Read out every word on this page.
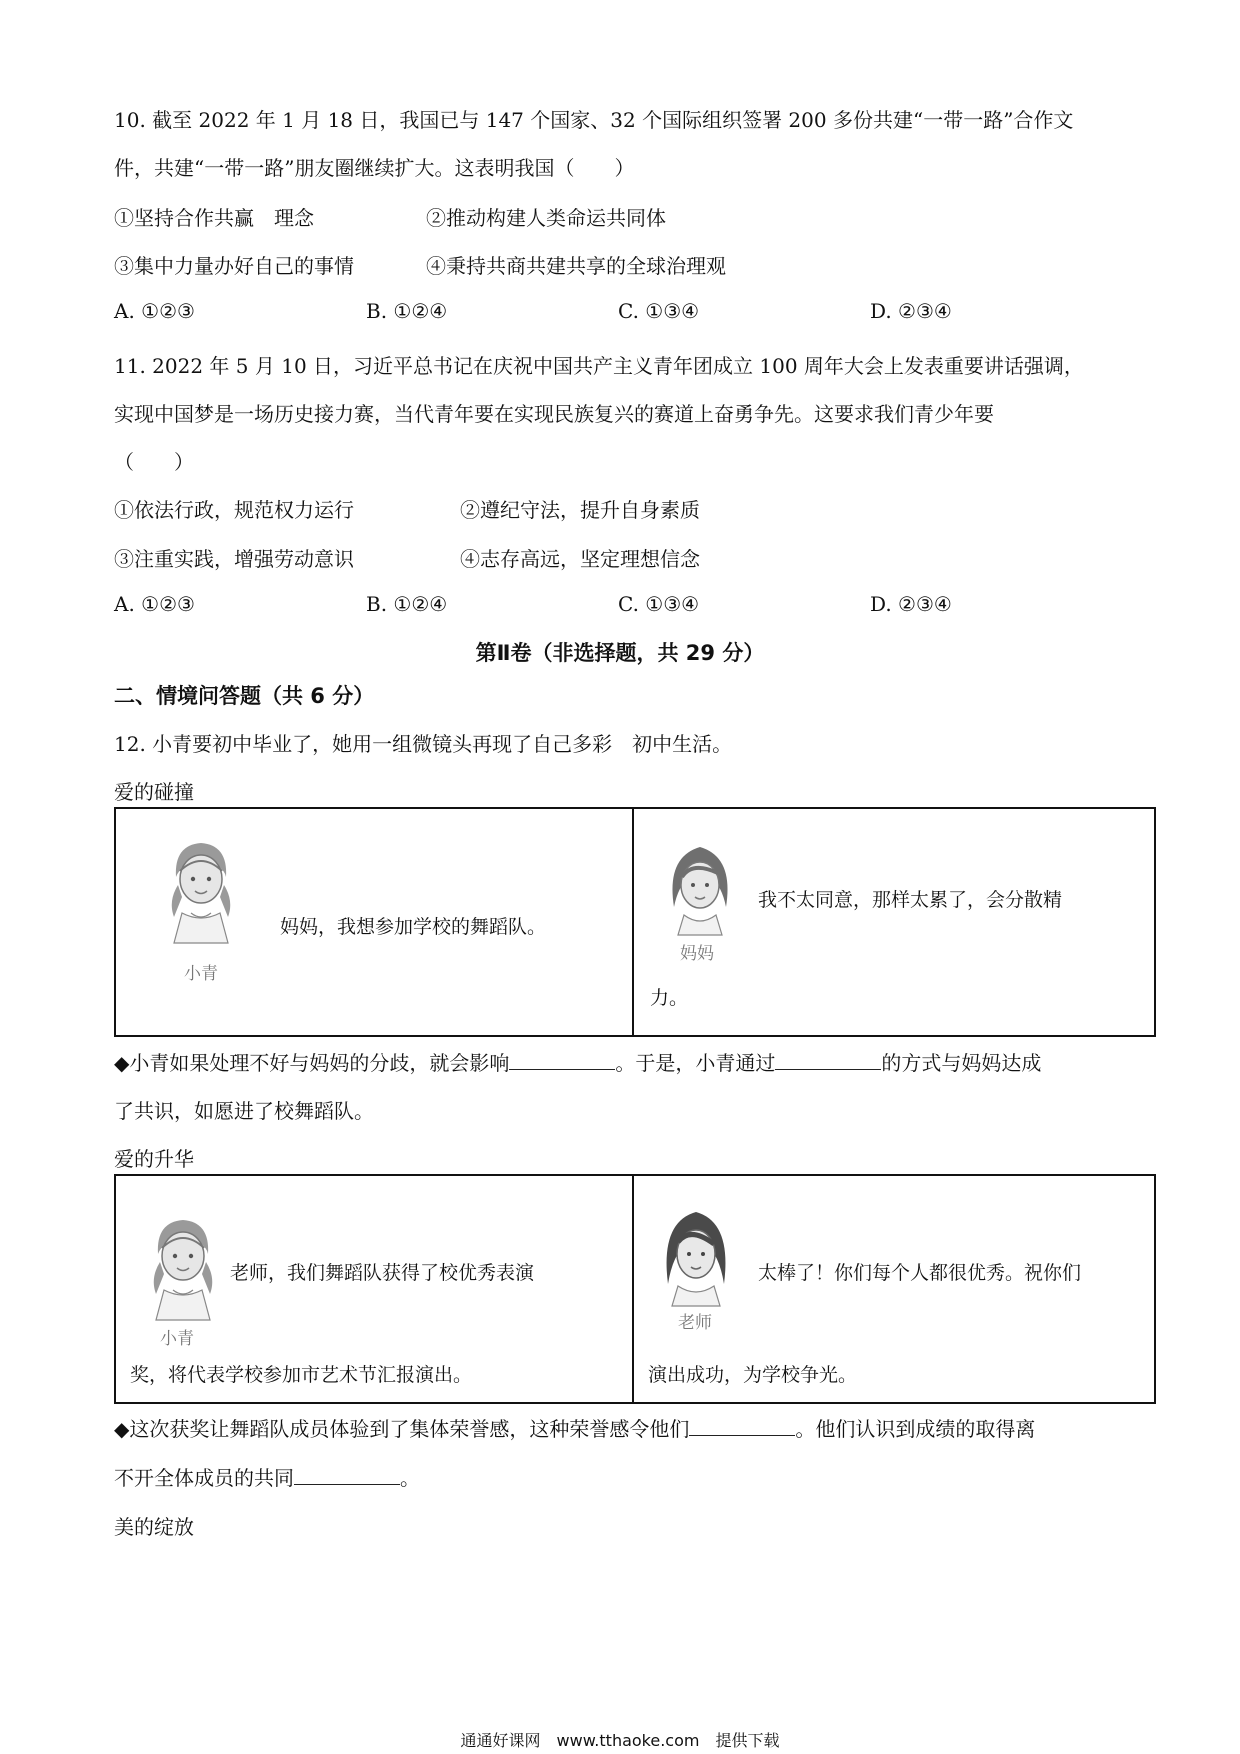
10. 截至 2022 年 1 月 18 日，我国已与 147 个国家、32 个国际组织签署 200 多份共建“一带一路”合作文
件，共建“一带一路”朋友圈继续扩大。这表明我国（　　）
①坚持合作共赢　理念	②推动构建人类命运共同体
③集中力量办好自己的事情	④秉持共商共建共享的全球治理观
A. ①②③	B. ①②④	C. ①③④	D. ②③④
11. 2022 年 5 月 10 日，习近平总书记在庆祝中国共产主义青年团成立 100 周年大会上发表重要讲话强调，
实现中国梦是一场历史接力赛，当代青年要在实现民族复兴的赛道上奋勇争先。这要求我们青少年要
（　　）
①依法行政，规范权力运行	②遵纪守法，提升自身素质
③注重实践，增强劳动意识	④志存高远，坚定理想信念
A. ①②③	B. ①②④	C. ①③④	D. ②③④
第Ⅱ卷（非选择题，共 29 分）
二、情境问答题（共 6 分）
12. 小青要初中毕业了，她用一组微镜头再现了自己多彩　初中生活。
爱的碰撞
小青
妈妈，我想参加学校的舞蹈队。
妈妈
我不太同意，那样太累了，会分散精
力。
◆小青如果处理不好与妈妈的分歧，就会影响	。于是，小青通过	的方式与妈妈达成
了共识，如愿进了校舞蹈队。
爱的升华
小青
老师，我们舞蹈队获得了校优秀表演
奖，将代表学校参加市艺术节汇报演出。
老师
太棒了！你们每个人都很优秀。祝你们
演出成功，为学校争光。
◆这次获奖让舞蹈队成员体验到了集体荣誉感，这种荣誉感令他们	。他们认识到成绩的取得离
不开全体成员的共同	。
美的绽放
通通好课网　www.tthaoke.com　提供下载
